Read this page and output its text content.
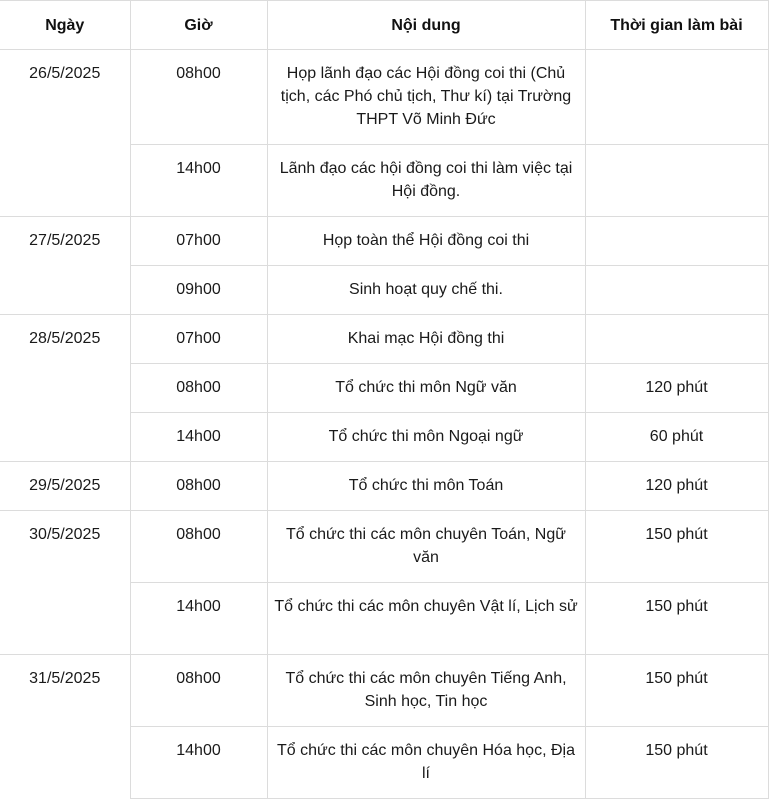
Ngày	Giờ	Nội dung	Thời gian làm bài

26/5/2025	08h00	Họp lãnh đạo các Hội đồng coi thi (Chủ tịch, các Phó chủ tịch, Thư kí) tại Trường THPT Võ Minh Đức	

	14h00	Lãnh đạo các hội đồng coi thi làm việc tại Hội đồng.	

27/5/2025	07h00	Họp toàn thể Hội đồng coi thi	

	09h00	Sinh hoạt quy chế thi.	

28/5/2025	07h00	Khai mạc Hội đồng thi	

	08h00	Tổ chức thi môn Ngữ văn	120 phút

	14h00	Tổ chức thi môn Ngoại ngữ	60 phút

29/5/2025	08h00	Tổ chức thi môn Toán	120 phút

30/5/2025	08h00	Tổ chức thi các môn chuyên Toán, Ngữ văn	150 phút

	14h00	Tổ chức thi các môn chuyên Vật lí, Lịch sử	150 phút

31/5/2025	08h00	Tổ chức thi các môn chuyên Tiếng Anh, Sinh học, Tin học	150 phút

	14h00	Tổ chức thi các môn chuyên Hóa học, Địa lí	150 phút
